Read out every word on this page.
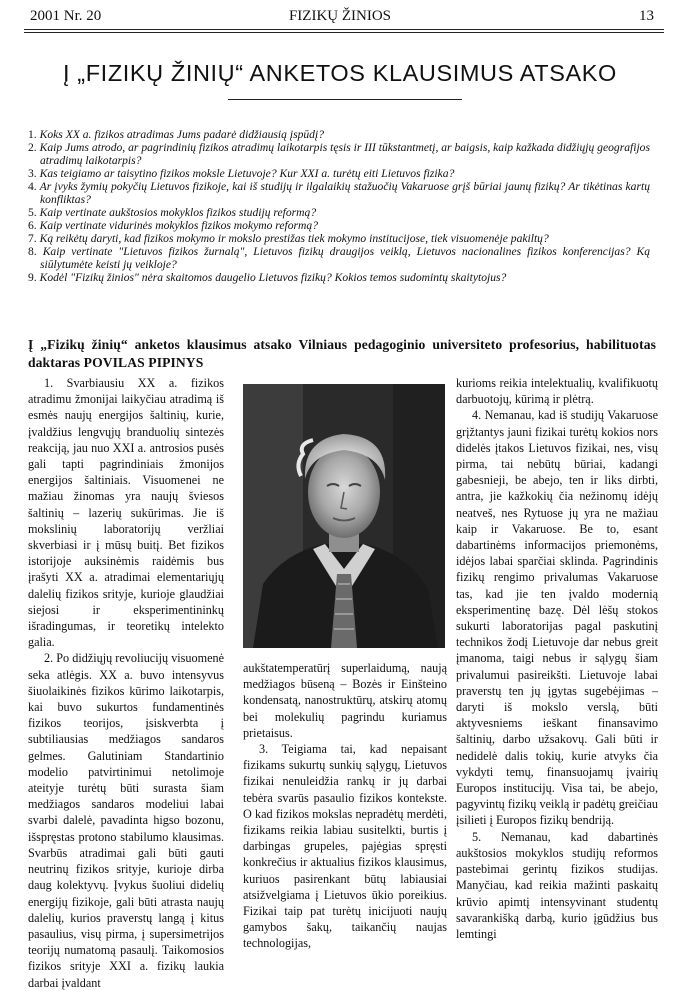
2001 Nr. 20	FIZIKŲ ŽINIOS	13
Į „FIZIKŲ ŽINIŲ“ ANKETOS KLAUSIMUS ATSAKO
1. Koks XX a. fizikos atradimas Jums padarė didžiausią įspūdį?
2. Kaip Jums atrodo, ar pagrindinių fizikos atradimų laikotarpis tęsis ir III tūkstantmetį, ar baigsis, kaip kažkada didžiųjų geografijos atradimų laikotarpis?
3. Kas teigiamo ar taisytino fizikos moksle Lietuvoje? Kur XXI a. turėtų eiti Lietuvos fizika?
4. Ar įvyks žymių pokyčių Lietuvos fizikoje, kai iš studijų ir ilgalaikių stažuočių Vakaruose grįš būriai jaunų fizikų? Ar tikėtinas kartų konfliktas?
5. Kaip vertinate aukštosios mokyklos fizikos studijų reformą?
6. Kaip vertinate vidurinės mokyklos fizikos mokymo reformą?
7. Ką reikėtų daryti, kad fizikos mokymo ir mokslo prestižas tiek mokymo institucijose, tiek visuomenėje pakiltų?
8. Kaip vertinate "Lietuvos fizikos žurnalą", Lietuvos fizikų draugijos veiklą, Lietuvos nacionalines fizikos konferencijas? Ką siūlytumėte keisti jų veikloje?
9. Kodėl "Fizikų žinios" nėra skaitomos daugelio Lietuvos fizikų? Kokios temos sudomintų skaitytojus?
Į „Fizikų žinių“ anketos klausimus atsako Vilniaus pedagoginio universiteto profesorius, habilituotas daktaras POVILAS PIPINYS

1. Svarbiausiu XX a. fizikos atradimu žmonijai laikyčiau atradimą iš esmės naujų energijos šaltinių, kurie, įvaldžius lengvųjų branduolių sintezės reakciją, jau nuo XXI a. antrosios pusės gali tapti pagrindiniais žmonijos energijos šaltiniais. Visuomenei ne mažiau žinomas yra naujų šviesos šaltinių – lazerių sukūrimas. Jie iš mokslinių laboratorijų veržliai skverbiasi ir į mūsų buitį. Bet fizikos istorijoje auksinėmis raidėmis bus įrašyti XX a. atradimai elementariųjų dalelių fizikos srityje, kurioje glaudžiai siejosi ir eksperimentininkų išradingumas, ir teoretikų intelekto galia.

2. Po didžiųjų revoliucijų visuomenė seka atlėgis. XX a. buvo intensyvus šiuolaikinės fizikos kūrimo laikotarpis, kai buvo sukurtos fundamentinės fizikos teorijos, įsiskverbta į subtiliausias medžiagos sandaros gelmes. Galutiniam Standartinio modelio patvirtinimui netolimoje ateityje turėtų būti surasta šiam medžiagos sandaros modeliui labai svarbi dalelė, pavadinta higso bozonu, išspręstas protono stabilumo klausimas. Svarbūs atradimai gali būti gauti neutrinų fizikos srityje, kurioje dirba daug kolektyvų. Įvykus šuoliui didelių energijų fizikoje, gali būti atrasta naujų dalelių, kurios praverstų langą į kitus pasaulius, visų pirma, į supersimetrijos teorijų numatomą pasaulį. Taikomosios fizikos srityje XXI a. fizikų laukia darbai įvaldant

aukštatemperatūrį superlaidumą, naują medžiagos būseną – Bozės ir Einšteino kondensatą, nanostruktūrų, atskirų atomų bei molekulių pagrindu kuriamus prietaisus.

3. Teigiama tai, kad nepaisant fizikams sukurtų sunkių sąlygų, Lietuvos fizikai nenuleidžia rankų ir jų darbai tebėra svarūs pasaulio fizikos kontekste. O kad fizikos mokslas nepradėtų merdėti, fizikams reikia labiau susitelkti, burtis į darbingas grupeles, pajėgias spręsti konkrečius ir aktualius fizikos klausimus, kuriuos pasirenkant būtų labiausiai atsižvelgiama į Lietuvos ūkio poreikius. Fizikai taip pat turėtų inicijuoti naujų gamybos šakų, taikančių naujas technologijas,

kurioms reikia intelektualių, kvalifikuotų darbuotojų, kūrimą ir plėtrą.

4. Nemanau, kad iš studijų Vakaruose grįžtantys jauni fizikai turėtų kokios nors didelės įtakos Lietuvos fizikai, nes, visų pirma, tai nebūtų būriai, kadangi gabesnieji, be abejo, ten ir liks dirbti, antra, jie kažkokių čia nežinomų idėjų neatveš, nes Rytuose jų yra ne mažiau kaip ir Vakaruose. Be to, esant dabartinėms informacijos priemonėms, idėjos labai sparčiai sklinda. Pagrindinis fizikų rengimo privalumas Vakaruose tas, kad jie ten įvaldo modernią eksperimentinę bazę. Dėl lėšų stokos sukurti laboratorijas pagal paskutinį technikos žodį Lietuvoje dar nebus greit įmanoma, taigi nebus ir sąlygų šiam privalumui pasireikšti. Lietuvoje labai praverstų ten jų įgytas sugebėjimas – daryti iš mokslo verslą, būti aktyvesniems ieškant finansavimo šaltinių, darbo užsakovų. Gali būti ir nedidelė dalis tokių, kurie atvyks čia vykdyti temų, finansuojamų įvairių Europos institucijų. Visa tai, be abejo, pagyvintų fizikų veiklą ir padėtų greičiau įsilieti į Europos fizikų bendriją.

5. Nemanau, kad dabartinės aukštosios mokyklos studijų reformos pastebimai gerintų fizikos studijas. Manyčiau, kad reikia mažinti paskaitų krūvio apimtį intensyvinant studentų savarankišką darbą, kurio įgūdžius bus lemtingi
